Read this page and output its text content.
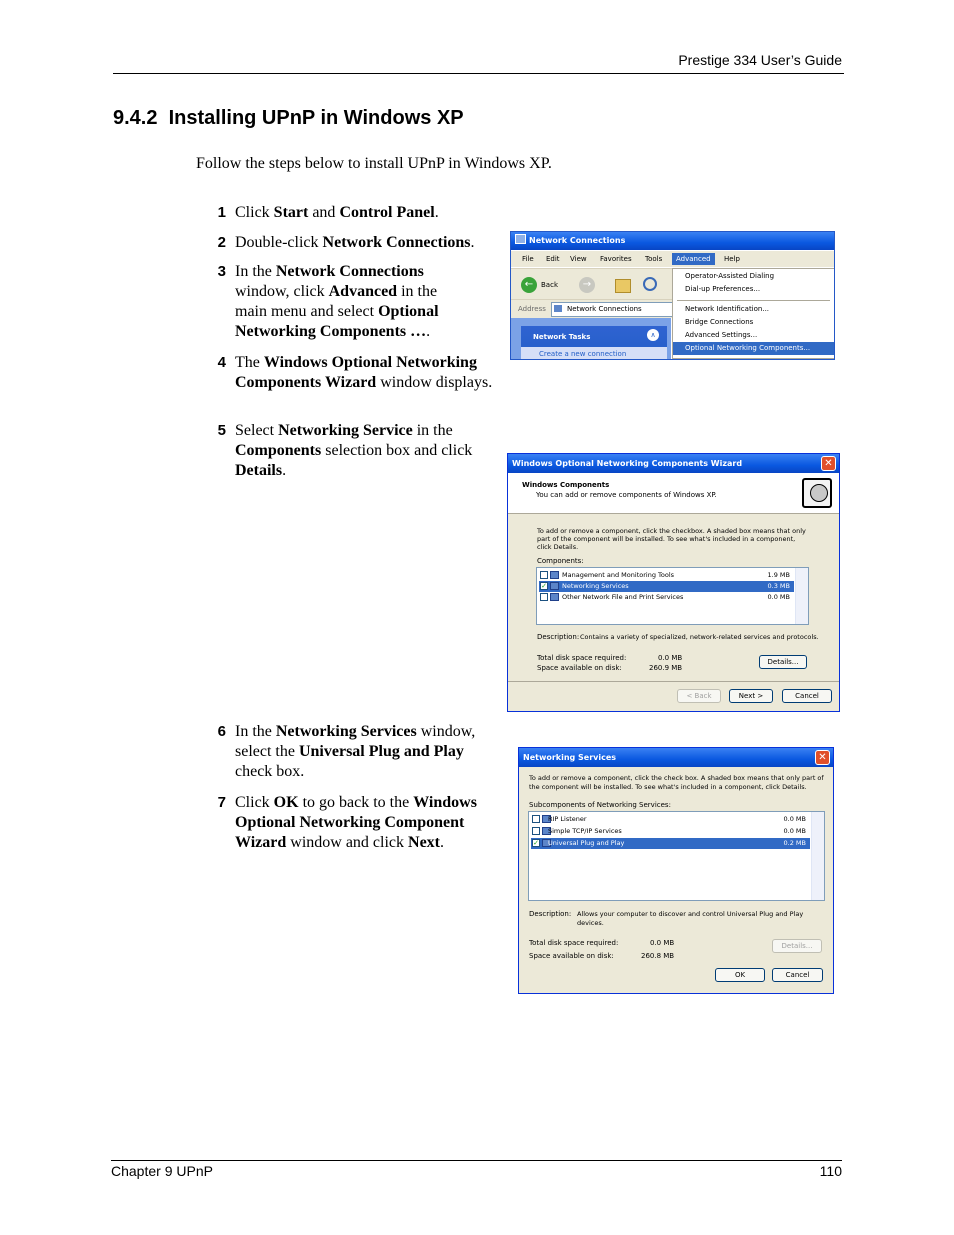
Prestige 334 User’s Guide
9.4.2  Installing UPnP in Windows XP
Follow the steps below to install UPnP in Windows XP.
1 Click Start and Control Panel.
2 Double-click Network Connections.
3 In the Network Connections window, click Advanced in the main menu and select Optional Networking Components ….
4 The Windows Optional Networking Components Wizard window displays.
5 Select Networking Service in the Components selection box and click Details.
6 In the Networking Services window, select the Universal Plug and Play check box.
7 Click OK to go back to the Windows Optional Networking Component Wizard window and click Next.
Network Connections
File Edit View Favorites Tools	Advanced	Help
←	Back	→
Address	Network Connections
Network Tasks	∧
Create a new connection
Operator-Assisted Dialing
Dial-up Preferences...
Network Identification...
Bridge Connections
Advanced Settings...
Optional Networking Components...
Windows Optional Networking Components Wizard	✕
Windows Components
You can add or remove components of Windows XP.
To add or remove a component, click the checkbox. A shaded box means that only part of the component will be installed. To see what's included in a component, click Details.
Components:
Management and Monitoring Tools	1.9 MB
✓ Networking Services	0.3 MB
Other Network File and Print Services	0.0 MB
Description: Contains a variety of specialized, network-related services and protocols.
Total disk space required:	0.0 MB
Space available on disk:	260.9 MB
Details...
< Back	Next >	Cancel
Networking Services	✕
To add or remove a component, click the check box. A shaded box means that only part of the component will be installed. To see what's included in a component, click Details.
Subcomponents of Networking Services:
RIP Listener	0.0 MB
Simple TCP/IP Services	0.0 MB
✓ Universal Plug and Play	0.2 MB
Description: Allows your computer to discover and control Universal Plug and Play devices.
Total disk space required:	0.0 MB
Space available on disk:	260.8 MB
Details...
OK	Cancel
Chapter 9 UPnP	110
